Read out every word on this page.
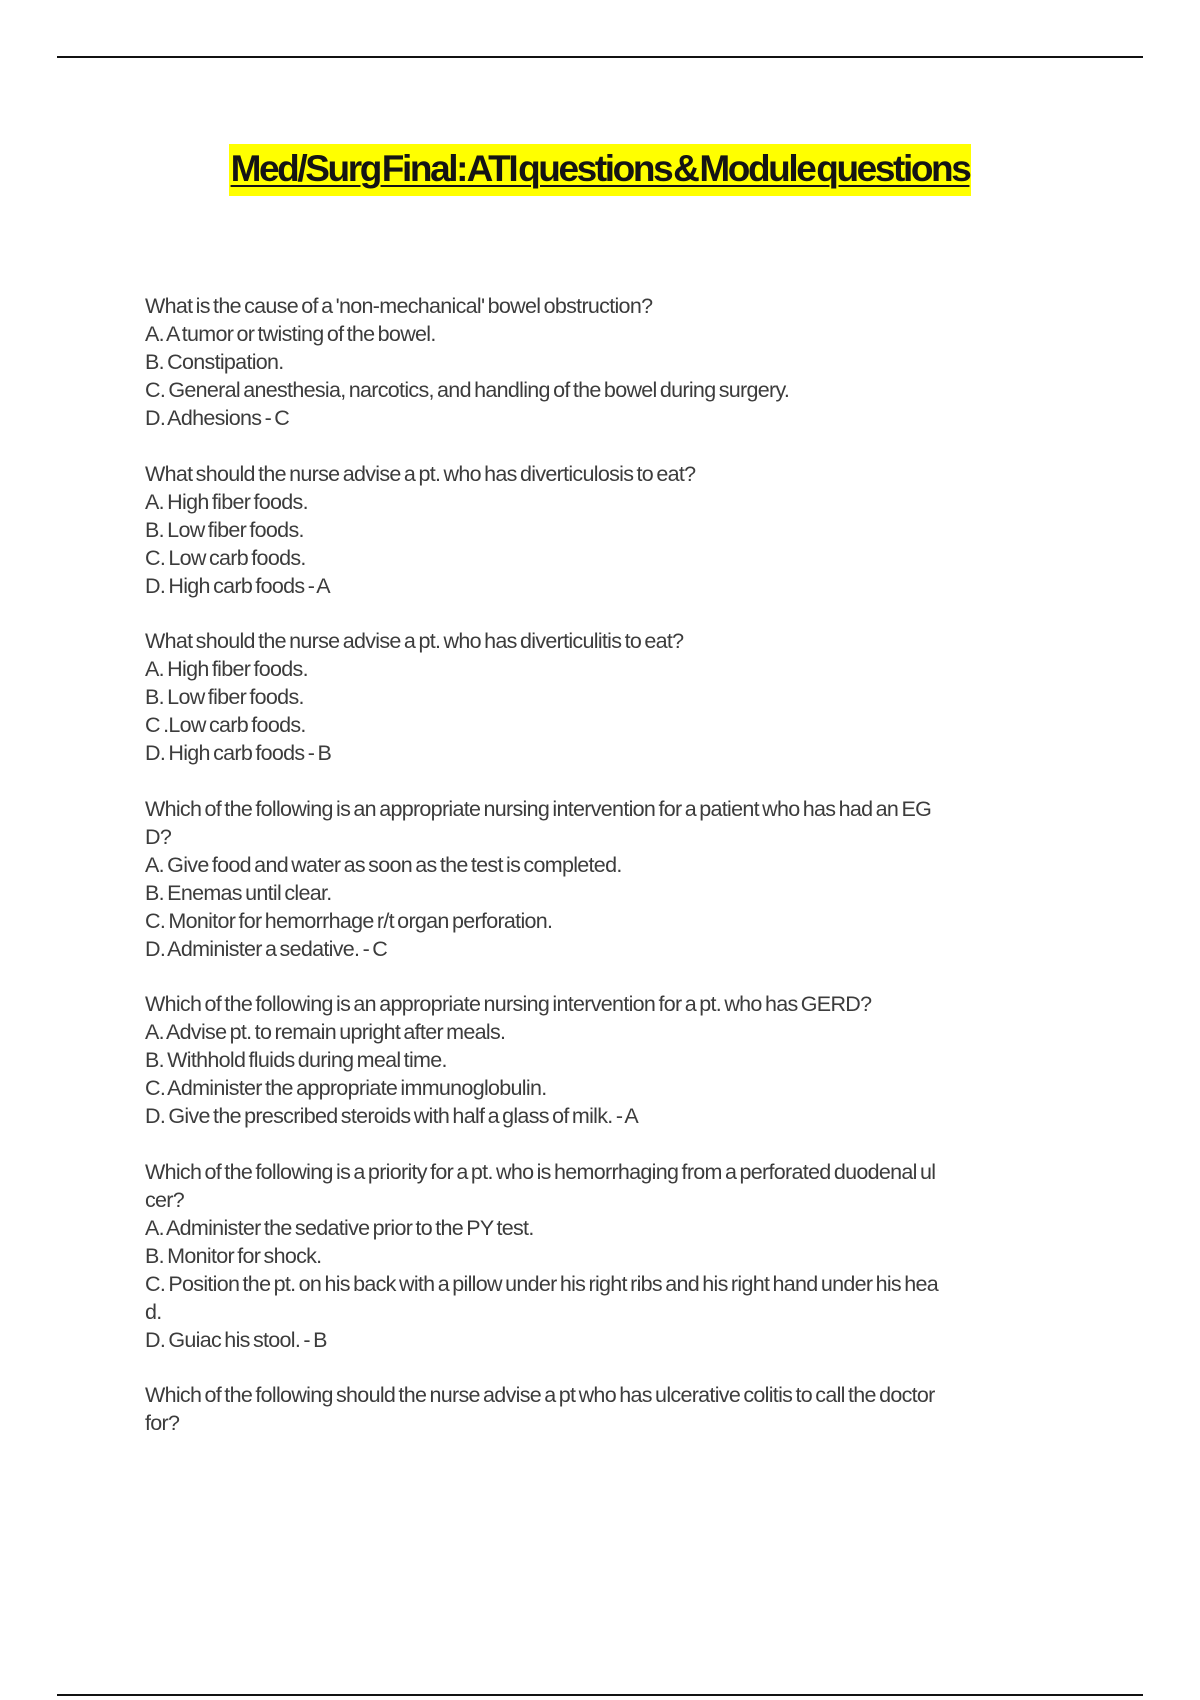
Med/Surg Final: ATI questions & Module questions
What is the cause of a 'non-mechanical' bowel obstruction?
A. A tumor or twisting of the bowel.
B. Constipation.
C. General anesthesia, narcotics, and handling of the bowel during surgery.
D. Adhesions - C
What should the nurse advise a pt. who has diverticulosis to eat?
A. High fiber foods.
B. Low fiber foods.
C. Low carb foods.
D. High carb foods - A
What should the nurse advise a pt. who has diverticulitis to eat?
A. High fiber foods.
B. Low fiber foods.
C .Low carb foods.
D. High carb foods - B
Which of the following is an appropriate nursing intervention for a patient who has had an EG
D?
A. Give food and water as soon as the test is completed.
B. Enemas until clear.
C. Monitor for hemorrhage r/t organ perforation.
D. Administer a sedative. - C
Which of the following is an appropriate nursing intervention for a pt. who has GERD?
A. Advise pt. to remain upright after meals.
B. Withhold fluids during meal time.
C. Administer the appropriate immunoglobulin.
D. Give the prescribed steroids with half a glass of milk. - A
Which of the following is a priority for a pt. who is hemorrhaging from a perforated duodenal ul
cer?
A. Administer the sedative prior to the PY test.
B. Monitor for shock.
C. Position the pt. on his back with a pillow under his right ribs and his right hand under his hea
d.
D. Guiac his stool. - B
Which of the following should the nurse advise a pt who has ulcerative colitis to call the doctor
for?
